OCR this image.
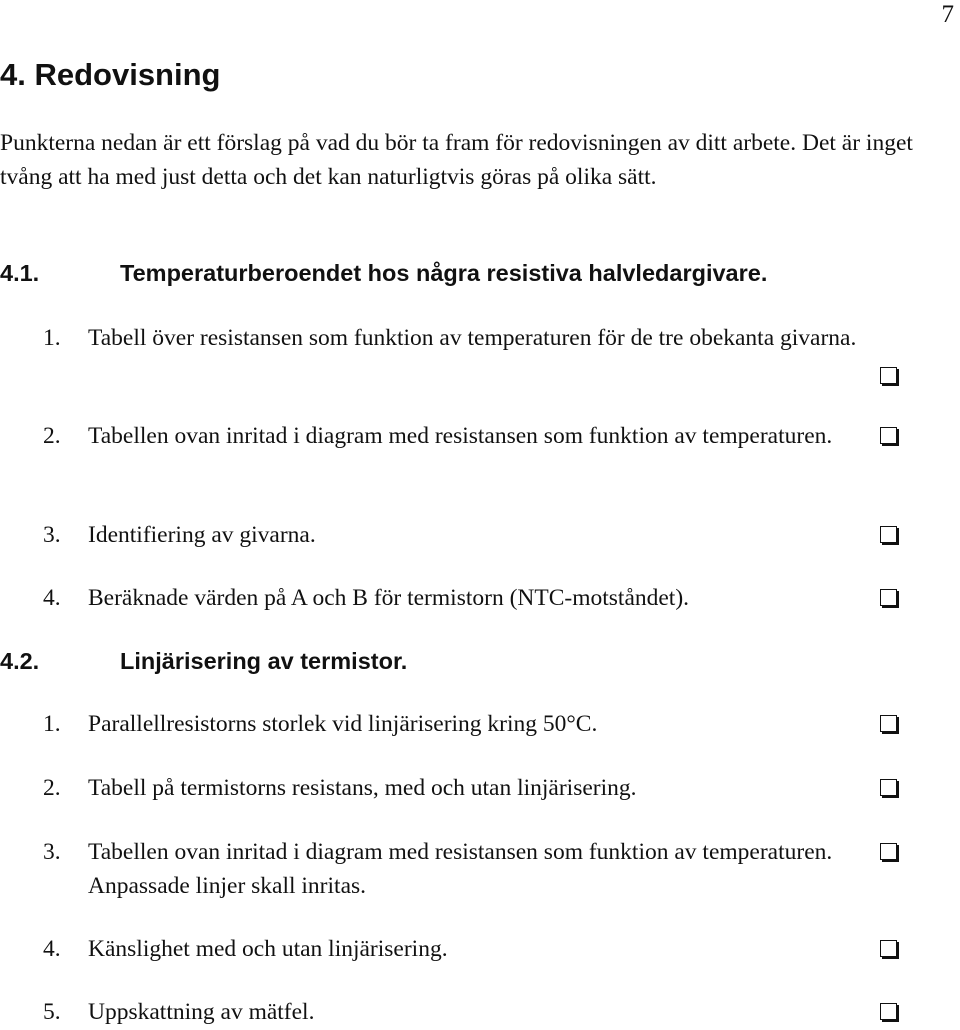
7
4. Redovisning

Punkterna nedan är ett förslag på vad du bör ta fram för redovisningen av ditt arbete. Det är inget tvång att ha med just detta och det kan naturligtvis göras på olika sätt.

4.1.	Temperaturberoendet hos några resistiva halvledargivare.
1. Tabell över resistansen som funktion av temperaturen för de tre obekanta givarna.
2. Tabellen ovan inritad i diagram med resistansen som funktion av temperaturen.
3. Identifiering av givarna.
4. Beräknade värden på A och B för termistorn (NTC-motståndet).
4.2.	Linjärisering av termistor.
1. Parallellresistorns storlek vid linjärisering kring 50°C.
2. Tabell på termistorns resistans, med och utan linjärisering.
3. Tabellen ovan inritad i diagram med resistansen som funktion av temperaturen. Anpassade linjer skall inritas.
4. Känslighet med och utan linjärisering.
5. Uppskattning av mätfel.
